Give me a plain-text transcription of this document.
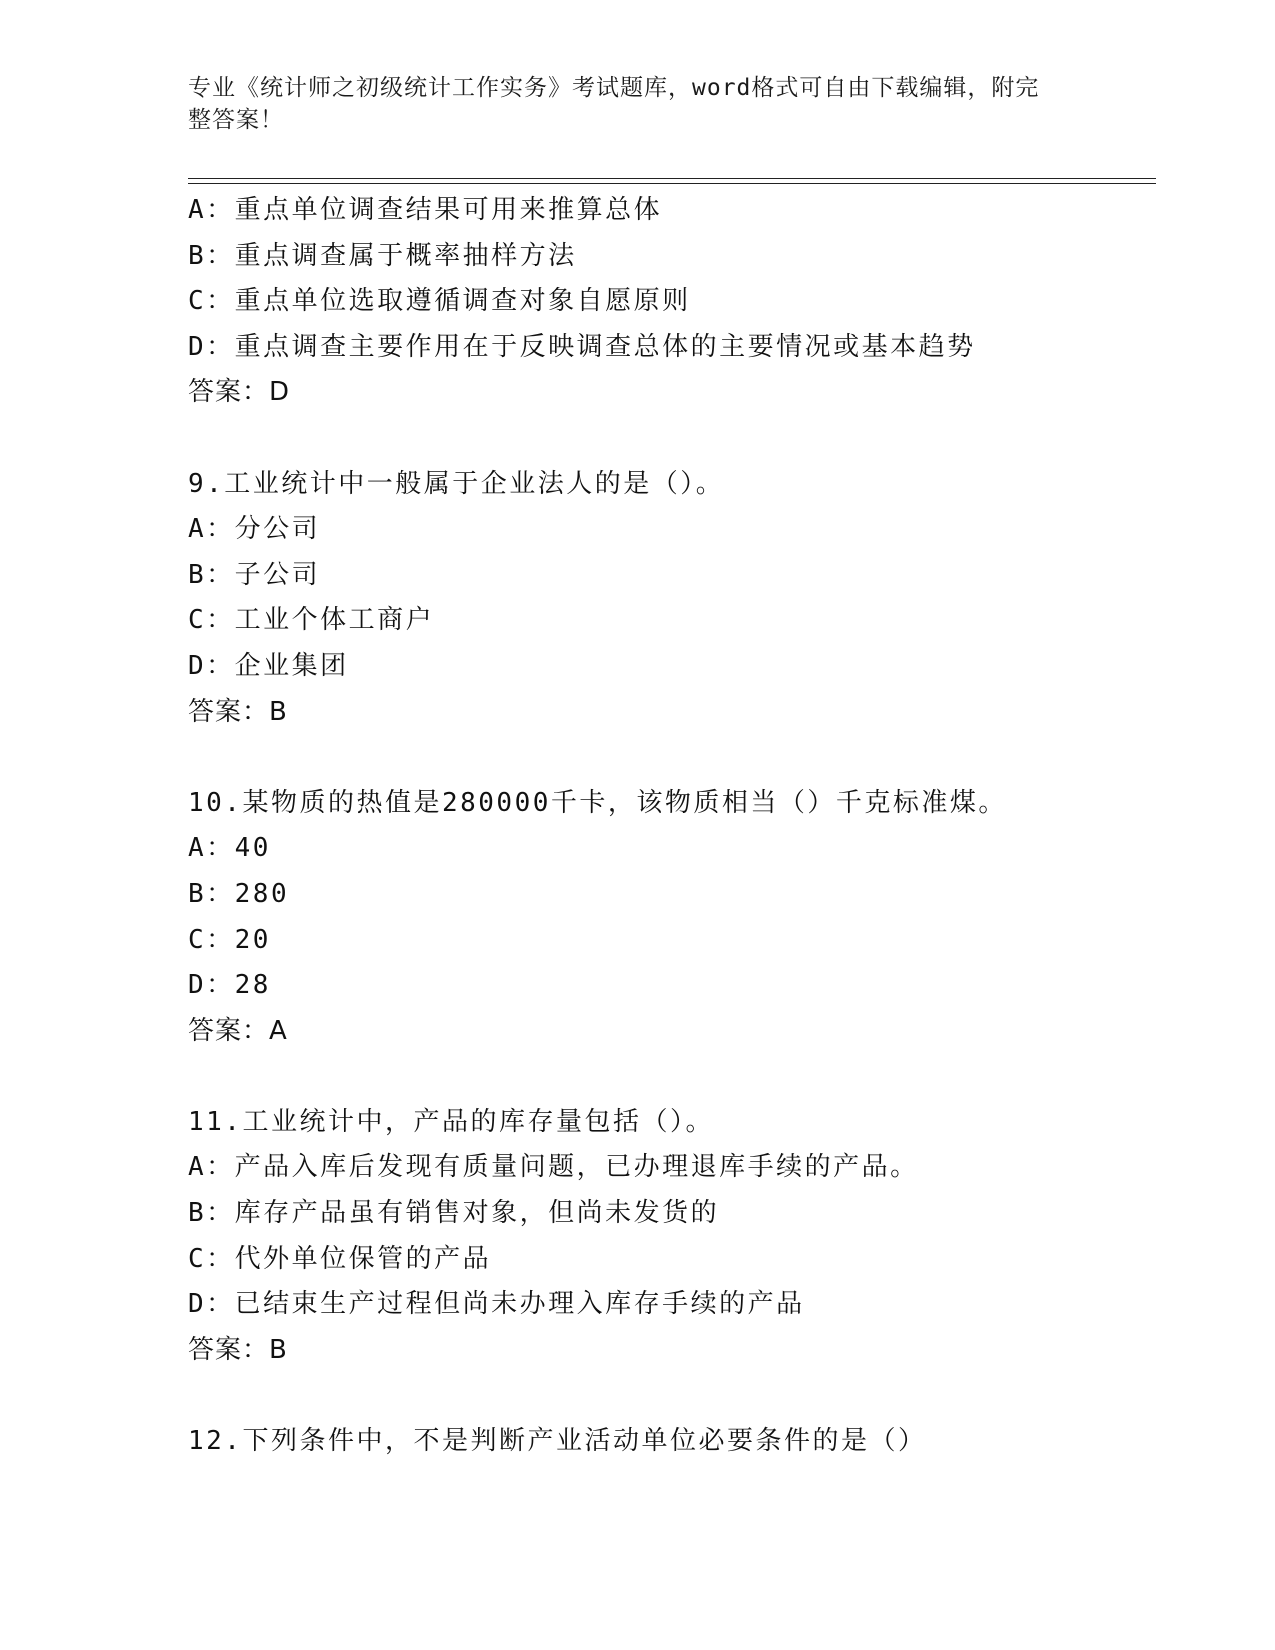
专业《统计师之初级统计工作实务》考试题库，word格式可自由下载编辑，附完
整答案！
A：重点单位调查结果可用来推算总体
B：重点调查属于概率抽样方法
C：重点单位选取遵循调查对象自愿原则
D：重点调查主要作用在于反映调查总体的主要情况或基本趋势
答案：D
9.工业统计中一般属于企业法人的是（）。
A：分公司
B：子公司
C：工业个体工商户
D：企业集团
答案：B
10.某物质的热值是280000千卡，该物质相当（）千克标准煤。
A：40
B：280
C：20
D：28
答案：A
11.工业统计中，产品的库存量包括（）。
A：产品入库后发现有质量问题，已办理退库手续的产品。
B：库存产品虽有销售对象，但尚未发货的
C：代外单位保管的产品
D：已结束生产过程但尚未办理入库存手续的产品
答案：B
12.下列条件中，不是判断产业活动单位必要条件的是（）
